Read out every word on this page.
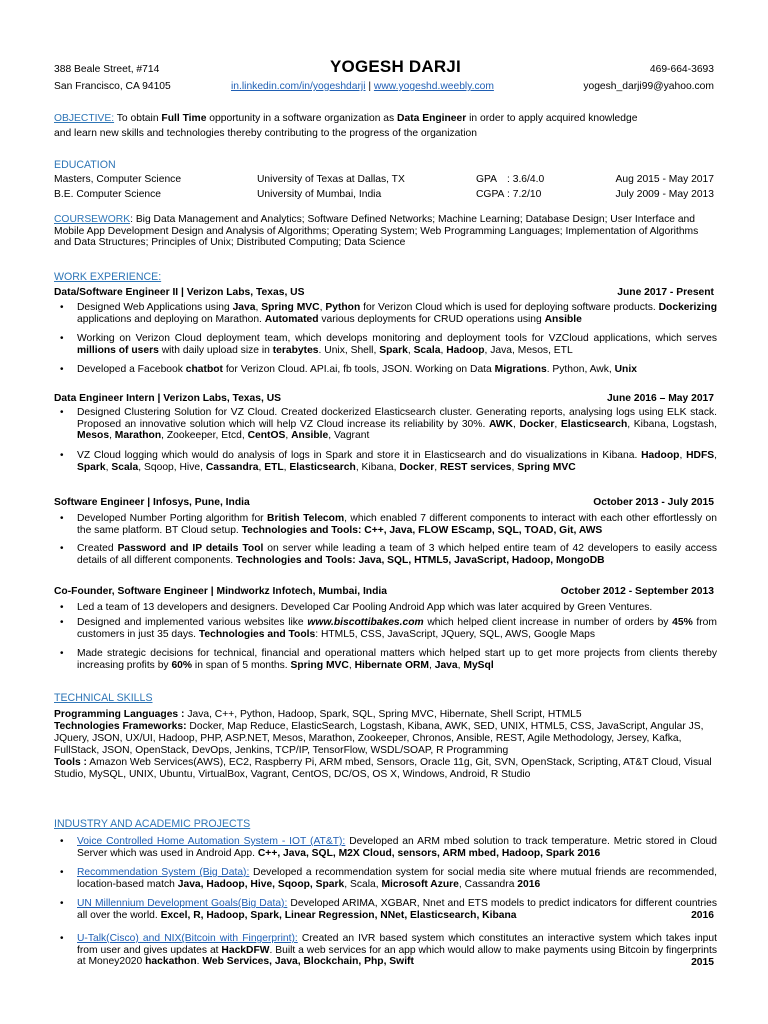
388 Beale Street, #714
San Francisco, CA 94105
YOGESH DARJI
in.linkedin.com/in/yogeshdarji | www.yogeshd.weebly.com
469-664-3693
yogesh_darji99@yahoo.com
OBJECTIVE: To obtain Full Time opportunity in a software organization as Data Engineer in order to apply acquired knowledge
and learn new skills and technologies thereby contributing to the progress of the organization
EDUCATION
Masters, Computer Science	University of Texas at Dallas, TX	GPA : 3.6/4.0	Aug 2015 - May 2017
B.E. Computer Science	University of Mumbai, India	CGPA : 7.2/10	July 2009 - May 2013
COURSEWORK: Big Data Management and Analytics; Software Defined Networks; Machine Learning; Database Design; User Interface and Mobile App Development Design and Analysis of Algorithms; Operating System; Web Programming Languages; Implementation of Algorithms and Data Structures; Principles of Unix; Distributed Computing; Data Science
WORK EXPERIENCE:
Data/Software Engineer II | Verizon Labs, Texas, US	June 2017 - Present
• Designed Web Applications using Java, Spring MVC, Python for Verizon Cloud which is used for deploying software products. Dockerizing applications and deploying on Marathon. Automated various deployments for CRUD operations using Ansible
• Working on Verizon Cloud deployment team, which develops monitoring and deployment tools for VZCloud applications, which serves millions of users with daily upload size in terabytes. Unix, Shell, Spark, Scala, Hadoop, Java, Mesos, ETL
• Developed a Facebook chatbot for Verizon Cloud. API.ai, fb tools, JSON. Working on Data Migrations. Python, Awk, Unix
Data Engineer Intern | Verizon Labs, Texas, US	June 2016 – May 2017
• Designed Clustering Solution for VZ Cloud. Created dockerized Elasticsearch cluster. Generating reports, analysing logs using ELK stack. Proposed an innovative solution which will help VZ Cloud increase its reliability by 30%. AWK, Docker, Elasticsearch, Kibana, Logstash, Mesos, Marathon, Zookeeper, Etcd, CentOS, Ansible, Vagrant
• VZ Cloud logging which would do analysis of logs in Spark and store it in Elasticsearch and do visualizations in Kibana. Hadoop, HDFS, Spark, Scala, Sqoop, Hive, Cassandra, ETL, Elasticsearch, Kibana, Docker, REST services, Spring MVC
Software Engineer | Infosys, Pune, India	October 2013 - July 2015
• Developed Number Porting algorithm for British Telecom, which enabled 7 different components to interact with each other effortlessly on the same platform. BT Cloud setup. Technologies and Tools: C++, Java, FLOW EScamp, SQL, TOAD, Git, AWS
• Created Password and IP details Tool on server while leading a team of 3 which helped entire team of 42 developers to easily access details of all different components. Technologies and Tools: Java, SQL, HTML5, JavaScript, Hadoop, MongoDB
Co-Founder, Software Engineer | Mindworkz Infotech, Mumbai, India	October 2012 - September 2013
• Led a team of 13 developers and designers. Developed Car Pooling Android App which was later acquired by Green Ventures.
• Designed and implemented various websites like www.biscottibakes.com which helped client increase in number of orders by 45% from customers in just 35 days. Technologies and Tools: HTML5, CSS, JavaScript, JQuery, SQL, AWS, Google Maps
• Made strategic decisions for technical, financial and operational matters which helped start up to get more projects from clients thereby increasing profits by 60% in span of 5 months. Spring MVC, Hibernate ORM, Java, MySql
TECHNICAL SKILLS
Programming Languages : Java, C++, Python, Hadoop, Spark, SQL, Spring MVC, Hibernate, Shell Script, HTML5
Technologies Frameworks: Docker, Map Reduce, ElasticSearch, Logstash, Kibana, AWK, SED, UNIX, HTML5, CSS, JavaScript, Angular JS, JQuery, JSON, UX/UI, Hadoop, PHP, ASP.NET, Mesos, Marathon, Zookeeper, Chronos, Ansible, REST, Agile Methodology, Jersey, Kafka, FullStack, JSON, OpenStack, DevOps, Jenkins, TCP/IP, TensorFlow, WSDL/SOAP, R Programming
Tools : Amazon Web Services(AWS), EC2, Raspberry Pi, ARM mbed, Sensors, Oracle 11g, Git, SVN, OpenStack, Scripting, AT&T Cloud, Visual Studio, MySQL, UNIX, Ubuntu, VirtualBox, Vagrant, CentOS, DC/OS, OS X, Windows, Android, R Studio
INDUSTRY AND ACADEMIC PROJECTS
• Voice Controlled Home Automation System - IOT (AT&T): Developed an ARM mbed solution to track temperature. Metric stored in Cloud Server which was used in Android App. C++, Java, SQL, M2X Cloud, sensors, ARM mbed, Hadoop, Spark 2016
• Recommendation System (Big Data): Developed a recommendation system for social media site where mutual friends are recommended, location-based match Java, Hadoop, Hive, Sqoop, Spark, Scala, Microsoft Azure, Cassandra 2016
• UN Millennium Development Goals(Big Data): Developed ARIMA, XGBAR, Nnet and ETS models to predict indicators for different countries all over the world. Excel, R, Hadoop, Spark, Linear Regression, NNet, Elasticsearch, Kibana	2016
• U-Talk(Cisco) and NIX(Bitcoin with Fingerprint): Created an IVR based system which constitutes an interactive system which takes input from user and gives updates at HackDFW. Built a web services for an app which would allow to make payments using Bitcoin by fingerprints at Money2020 hackathon. Web Services, Java, Blockchain, Php, Swift	2015
